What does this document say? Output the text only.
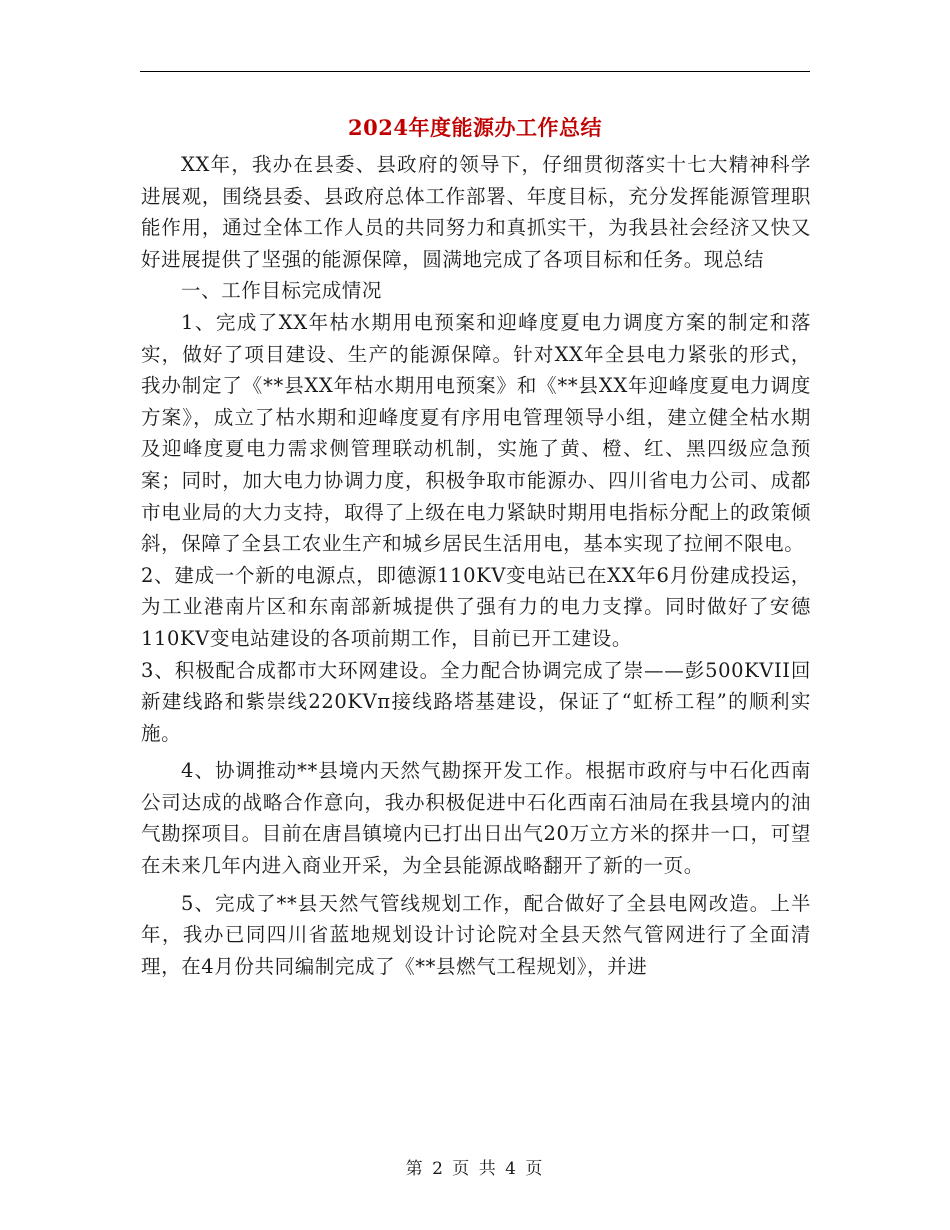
2024年度能源办工作总结

XX年，我办在县委、县政府的领导下，仔细贯彻落实十七大精神科学进展观，围绕县委、县政府总体工作部署、年度目标，充分发挥能源管理职能作用，通过全体工作人员的共同努力和真抓实干，为我县社会经济又快又好进展提供了坚强的能源保障，圆满地完成了各项目标和任务。现总结

一、工作目标完成情况

1、完成了XX年枯水期用电预案和迎峰度夏电力调度方案的制定和落实，做好了项目建设、生产的能源保障。针对XX年全县电力紧张的形式，我办制定了《**县XX年枯水期用电预案》和《**县XX年迎峰度夏电力调度方案》，成立了枯水期和迎峰度夏有序用电管理领导小组，建立健全枯水期及迎峰度夏电力需求侧管理联动机制，实施了黄、橙、红、黑四级应急预案；同时，加大电力协调力度，积极争取市能源办、四川省电力公司、成都市电业局的大力支持，取得了上级在电力紧缺时期用电指标分配上的政策倾斜，保障了全县工农业生产和城乡居民生活用电，基本实现了拉闸不限电。

2、建成一个新的电源点，即德源110KV变电站已在XX年6月份建成投运，为工业港南片区和东南部新城提供了强有力的电力支撑。同时做好了安德110KV变电站建设的各项前期工作，目前已开工建设。

3、积极配合成都市大环网建设。全力配合协调完成了崇——彭500KVII回新建线路和紫崇线220KVπ接线路塔基建设，保证了“虹桥工程”的顺利实施。

4、协调推动**县境内天然气勘探开发工作。根据市政府与中石化西南公司达成的战略合作意向，我办积极促进中石化西南石油局在我县境内的油气勘探项目。目前在唐昌镇境内已打出日出气20万立方米的探井一口，可望在未来几年内进入商业开采，为全县能源战略翻开了新的一页。

5、完成了**县天然气管线规划工作，配合做好了全县电网改造。上半年，我办已同四川省蓝地规划设计讨论院对全县天然气管网进行了全面清理，在4月份共同编制完成了《**县燃气工程规划》，并进

第 2 页 共 4 页
